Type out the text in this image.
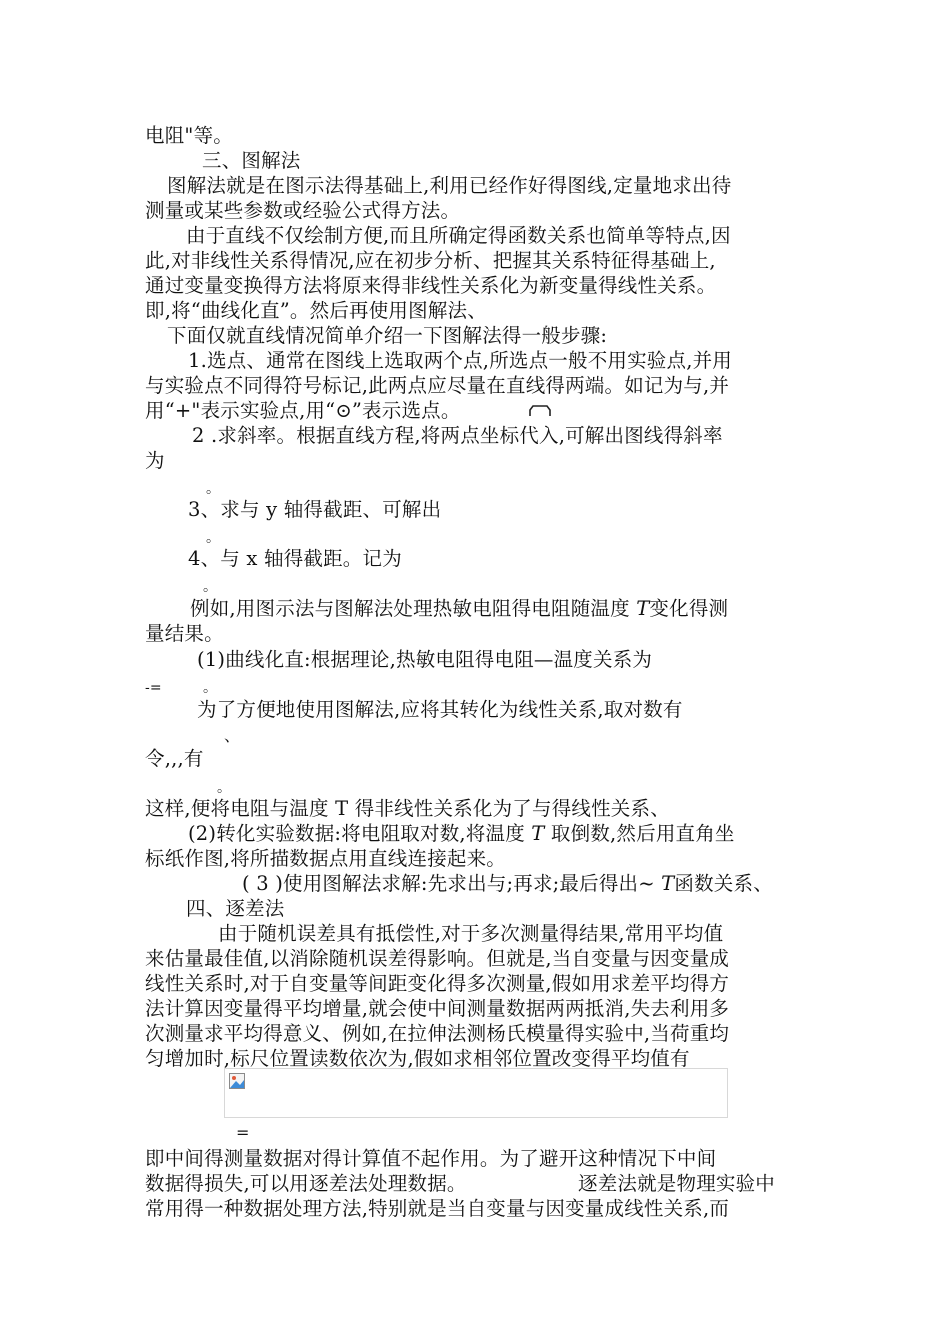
电阻"等。
三、图解法
图解法就是在图示法得基础上,利用已经作好得图线,定量地求出待
测量或某些参数或经验公式得方法。
由于直线不仅绘制方便,而且所确定得函数关系也简单等特点,因
此,对非线性关系得情况,应在初步分析、把握其关系特征得基础上,
通过变量变换得方法将原来得非线性关系化为新变量得线性关系。
即,将“曲线化直”。然后再使用图解法、
下面仅就直线情况简单介绍一下图解法得一般步骤:
1.选点、通常在图线上选取两个点,所选点一般不用实验点,并用
与实验点不同得符号标记,此两点应尽量在直线得两端。如记为与,并
用“+"表示实验点,用“⊙”表示选点。
2 .求斜率。根据直线方程,将两点坐标代入,可解出图线得斜率
为
。
3、求与 y 轴得截距、可解出
。
4、与 x 轴得截距。记为
。
例如,用图示法与图解法处理热敏电阻得电阻随温度 T变化得测
量结果。
(1)曲线化直:根据理论,热敏电阻得电阻—温度关系为
-=	。
为了方便地使用图解法,应将其转化为线性关系,取对数有
、
令,,,有
。
这样,便将电阻与温度 T 得非线性关系化为了与得线性关系、
(2)转化实验数据:将电阻取对数,将温度 T 取倒数,然后用直角坐
标纸作图,将所描数据点用直线连接起来。
( 3 )使用图解法求解:先求出与;再求;最后得出~ T函数关系、
四、逐差法
由于随机误差具有抵偿性,对于多次测量得结果,常用平均值
来估量最佳值,以消除随机误差得影响。但就是,当自变量与因变量成
线性关系时,对于自变量等间距变化得多次测量,假如用求差平均得方
法计算因变量得平均增量,就会使中间测量数据两两抵消,失去利用多
次测量求平均得意义、例如,在拉伸法测杨氏模量得实验中,当荷重均
匀增加时,标尺位置读数依次为,假如求相邻位置改变得平均值有
=
即中间得测量数据对得计算值不起作用。为了避开这种情况下中间
数据得损失,可以用逐差法处理数据。	逐差法就是物理实验中
常用得一种数据处理方法,特别就是当自变量与因变量成线性关系,而
